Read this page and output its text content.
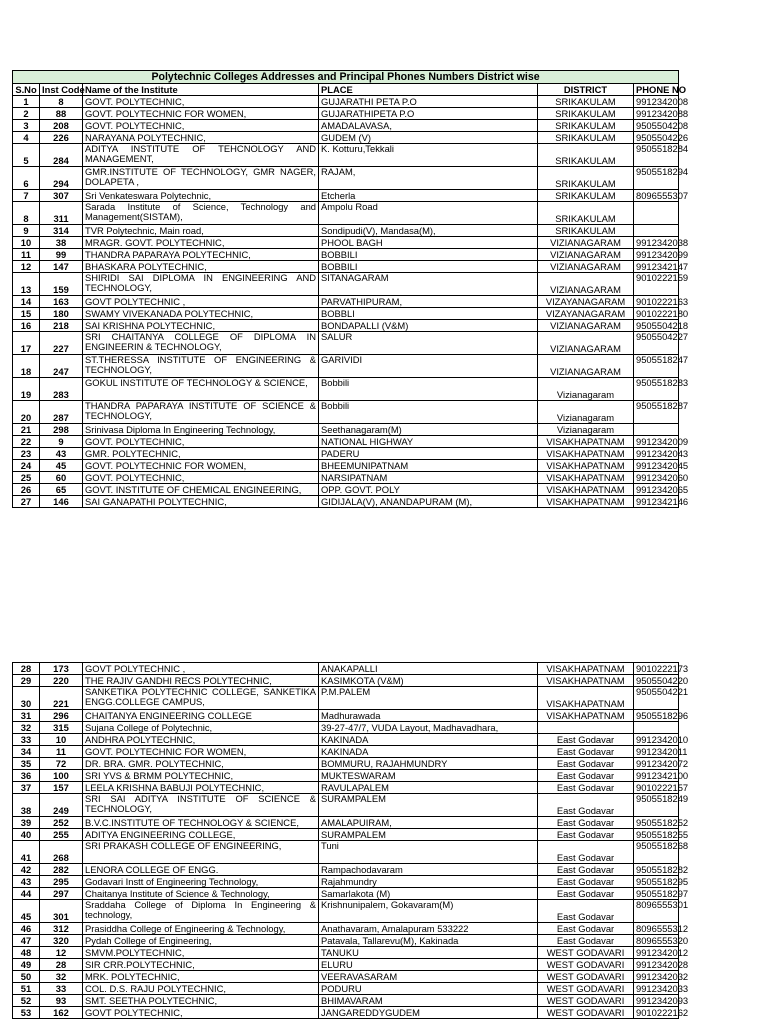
Polytechnic Colleges Addresses and Principal Phones Numbers District wise					
S.No	Inst Code	Name of the Institute	PLACE	DISTRICT	PHONE NO
1	8	GOVT. POLYTECHNIC,	GUJARATHI PETA P.O	SRIKAKULAM	9912342008
2	88	GOVT. POLYTECHNIC FOR WOMEN,	GUJARATHIPETA P.O	SRIKAKULAM	9912342088
3	208	GOVT. POLYTECHNIC,	AMADALAVASA,	SRIKAKULAM	9505504208
4	226	NARAYANA POLYTECHNIC,	GUDEM (V)	SRIKAKULAM	9505504226
5	284	ADITYA INSTITUTE OF TEHCNOLOGY AND MANAGEMENT,	K. Kotturu,Tekkali	SRIKAKULAM	9505518284
6	294	GMR.INSTITUTE OF TECHNOLOGY, GMR NAGER, DOLAPETA ,	RAJAM,	SRIKAKULAM	9505518294
7	307	Sri Venkateswara Polytechnic,	Etcherla	SRIKAKULAM	8096555307
8	311	Sarada Institute of Science, Technology and Management(SISTAM),	Ampolu Road	SRIKAKULAM	
9	314	TVR Polytechnic, Main road,	Sondipudi(V), Mandasa(M),	SRIKAKULAM	
10	38	MRAGR. GOVT. POLYTECHNIC,	PHOOL BAGH	VIZIANAGARAM	9912342038
11	99	THANDRA PAPARAYA POLYTECHNIC,	BOBBILI	VIZIANAGARAM	9912342099
12	147	BHASKARA POLYTECHNIC,	BOBBILI	VIZIANAGARAM	9912342147
13	159	SHIRIDI SAI DIPLOMA IN ENGINEERING AND TECHNOLOGY,	SITANAGARAM	VIZIANAGARAM	9010222159
14	163	GOVT POLYTECHNIC ,	PARVATHIPURAM,	VIZAYANAGARAM	9010222163
15	180	SWAMY VIVEKANADA POLYTECHNIC,	BOBBLI	VIZAYANAGARAM	9010222180
16	218	SAI KRISHNA POLYTECHNIC,	BONDAPALLI (V&M)	VIZIANAGARAM	9505504218
17	227	SRI CHAITANYA COLLEGE OF DIPLOMA IN ENGINEERIN & TECHNOLOGY,	SALUR	VIZIANAGARAM	9505504227
18	247	ST.THERESSA INSTITUTE OF ENGINEERING & TECHNOLOGY,	GARIVIDI	VIZIANAGARAM	9505518247
19	283	GOKUL INSTITUTE OF TECHNOLOGY & SCIENCE,	Bobbili	Vizianagaram	9505518283
20	287	THANDRA PAPARAYA INSTITUTE OF SCIENCE & TECHNOLOGY,	Bobbili	Vizianagaram	9505518287
21	298	Srinivasa Diploma In Engineering Technology,	Seethanagaram(M)	Vizianagaram	
22	9	GOVT. POLYTECHNIC,	NATIONAL HIGHWAY	VISAKHAPATNAM	9912342009
23	43	GMR. POLYTECHNIC,	PADERU	VISAKHAPATNAM	9912342043
24	45	GOVT. POLYTECHNIC FOR WOMEN,	BHEEMUNIPATNAM	VISAKHAPATNAM	9912342045
25	60	GOVT. POLYTECHNIC,	NARSIPATNAM	VISAKHAPATNAM	9912342060
26	65	GOVT. INSTITUTE OF CHEMICAL ENGINEERING,	OPP. GOVT. POLY	VISAKHAPATNAM	9912342065
27	146	SAI GANAPATHI POLYTECHNIC,	GIDIJALA(V), ANANDAPURAM (M),	VISAKHAPATNAM	9912342146
28	173	GOVT POLYTECHNIC ,	ANAKAPALLI	VISAKHAPATNAM	9010222173
29	220	THE RAJIV GANDHI RECS POLYTECHNIC,	KASIMKOTA (V&M)	VISAKHAPATNAM	9505504220
30	221	SANKETIKA POLYTECHNIC COLLEGE, SANKETIKA ENGG.COLLEGE CAMPUS,	P.M.PALEM	VISAKHAPATNAM	9505504221
31	296	CHAITANYA ENGINEERING COLLEGE	Madhurawada	VISAKHAPATNAM	9505518296
32	315	Sujana College of Polytechnic,	39-27-47/7, VUDA Layout, Madhavadhara,		
33	10	ANDHRA POLYTECHNIC,	KAKINADA	East Godavar	9912342010
34	11	GOVT. POLYTECHNIC FOR WOMEN,	KAKINADA	East Godavar	9912342011
35	72	DR. BRA. GMR. POLYTECHNIC,	BOMMURU, RAJAHMUNDRY	East Godavar	9912342072
36	100	SRI YVS & BRMM POLYTECHNIC,	MUKTESWARAM	East Godavar	9912342100
37	157	LEELA KRISHNA BABUJI POLYTECHNIC,	RAVULAPALEM	East Godavar	9010222157
38	249	SRI SAI ADITYA INSTITUTE OF SCIENCE & TECHNOLOGY,	SURAMPALEM	East Godavar	9505518249
39	252	B.V.C.INSTITUTE OF TECHNOLOGY & SCIENCE,	AMALAPUIRAM,	East Godavar	9505518252
40	255	ADITYA ENGINEERING COLLEGE,	SURAMPALEM	East Godavar	9505518255
41	268	SRI PRAKASH COLLEGE OF ENGINEERING,	Tuni	East Godavar	9505518268
42	282	LENORA COLLEGE OF ENGG.	Rampachodavaram	East Godavar	9505518282
43	295	Godavari Instt of Engineering Technology,	Rajahmundry	East Godavar	9505518295
44	297	Chaitanya Institute of Science & Technology,	Samarlakota (M)	East Godavar	9505518297
45	301	Sraddaha College of Diploma In Engineering & technology,	Krishnunipalem, Gokavaram(M)	East Godavar	8096555301
46	312	Prasiddha College of Engineering & Technology,	Anathavaram, Amalapuram 533222	East Godavar	8096555312
47	320	Pydah College of Engineering,	Patavala, Tallarevu(M), Kakinada	East Godavar	8096555320
48	12	SMVM.POLYTECHNIC,	TANUKU	WEST GODAVARI	9912342012
49	28	SIR CRR.POLYTECHNIC,	ELURU	WEST GODAVARI	9912342028
50	32	MRK. POLYTECHNIC,	VEERAVASARAM	WEST GODAVARI	9912342032
51	33	COL. D.S. RAJU POLYTECHNIC,	PODURU	WEST GODAVARI	9912342033
52	93	SMT. SEETHA POLYTECHNIC,	BHIMAVARAM	WEST GODAVARI	9912342093
53	162	GOVT POLYTECHNIC,	JANGAREDDYGUDEM	WEST GODAVARI	9010222162
